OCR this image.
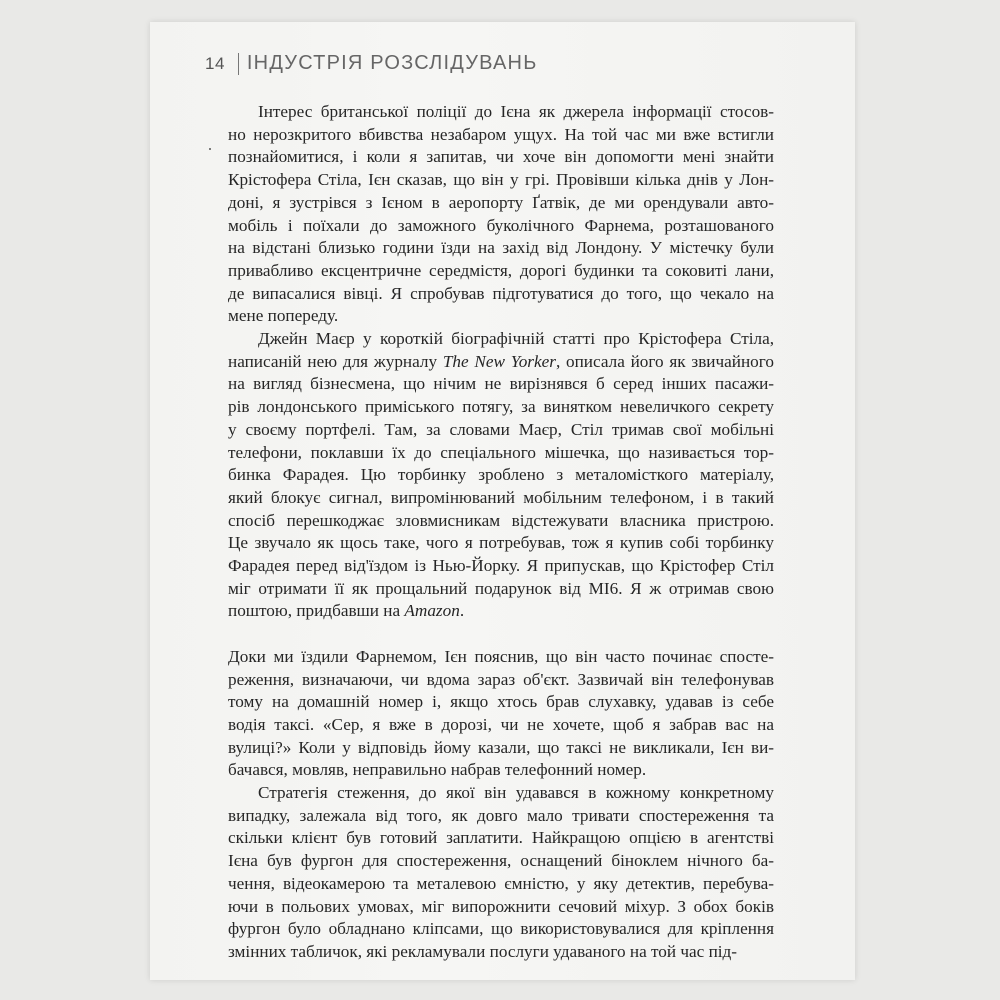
14 ІНДУСТРІЯ РОЗСЛІДУВАНЬ
Інтерес британської поліції до Ієна як джерела інформації стосов-
но нерозкритого вбивства незабаром ущух. На той час ми вже встигли
познайомитися, і коли я запитав, чи хоче він допомогти мені знайти
Крістофера Стіла, Ієн сказав, що він у грі. Провівши кілька днів у Лон-
доні, я зустрівся з Ієном в аеропорту Ґатвік, де ми орендували авто-
мобіль і поїхали до заможного буколічного Фарнема, розташованого
на відстані близько години їзди на захід від Лондону. У містечку були
привабливо ексцентричне середмістя, дорогі будинки та соковиті лани,
де випасалися вівці. Я спробував підготуватися до того, що чекало на
мене попереду.
Джейн Маєр у короткій біографічній статті про Крістофера Стіла,
написаній нею для журналу The New Yorker, описала його як звичайного
на вигляд бізнесмена, що нічим не вирізнявся б серед інших пасажи-
рів лондонського приміського потягу, за винятком невеличкого секрету
у своєму портфелі. Там, за словами Маєр, Стіл тримав свої мобільні
телефони, поклавши їх до спеціального мішечка, що називається тор-
бинка Фарадея. Цю торбинку зроблено з металомісткого матеріалу,
який блокує сигнал, випромінюваний мобільним телефоном, і в такий
спосіб перешкоджає зловмисникам відстежувати власника пристрою.
Це звучало як щось таке, чого я потребував, тож я купив собі торбинку
Фарадея перед від'їздом із Нью-Йорку. Я припускав, що Крістофер Стіл
міг отримати її як прощальний подарунок від МІ6. Я ж отримав свою
поштою, придбавши на Amazon.
Доки ми їздили Фарнемом, Ієн пояснив, що він часто починає спосте-
реження, визначаючи, чи вдома зараз об'єкт. Зазвичай він телефонував
тому на домашній номер і, якщо хтось брав слухавку, удавав із себе
водія таксі. «Сер, я вже в дорозі, чи не хочете, щоб я забрав вас на
вулиці?» Коли у відповідь йому казали, що таксі не викликали, Ієн ви-
бачався, мовляв, неправильно набрав телефонний номер.
Стратегія стеження, до якої він удавався в кожному конкретному
випадку, залежала від того, як довго мало тривати спостереження та
скільки клієнт був готовий заплатити. Найкращою опцією в агентстві
Ієна був фургон для спостереження, оснащений біноклем нічного ба-
чення, відеокамерою та металевою ємністю, у яку детектив, перебува-
ючи в польових умовах, міг випорожнити сечовий міхур. З обох боків
фургон було обладнано кліпсами, що використовувалися для кріплення
змінних табличок, які рекламували послуги удаваного на той час під-
